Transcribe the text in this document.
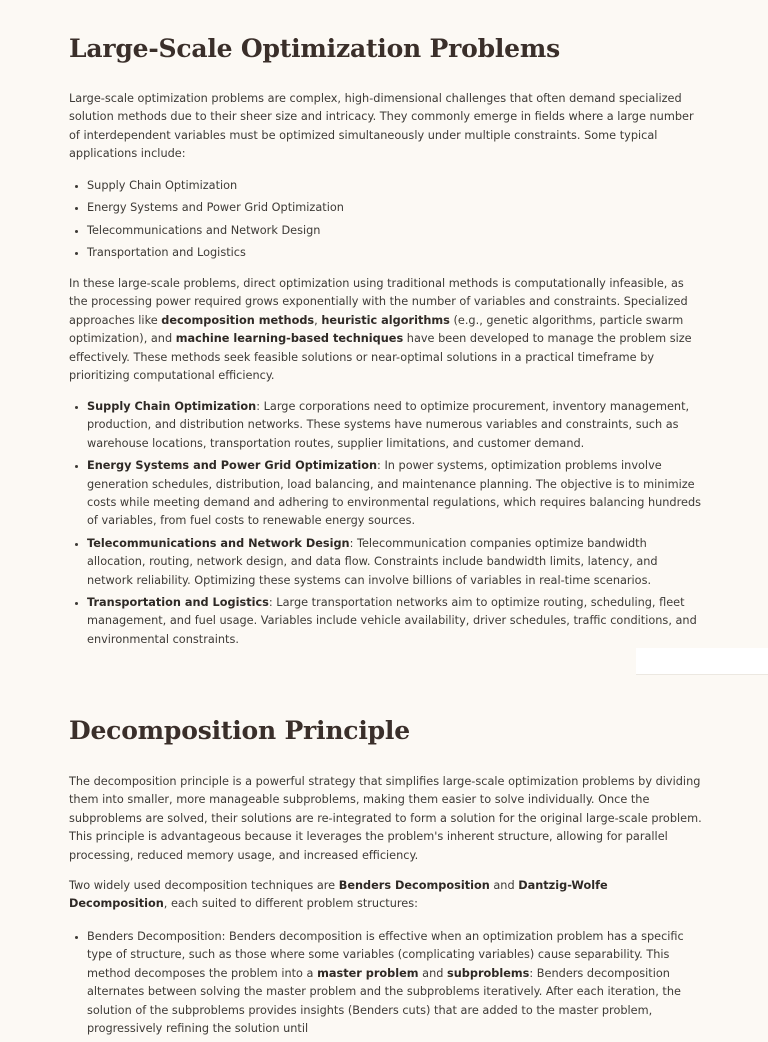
Large-Scale Optimization Problems

Large-scale optimization problems are complex, high-dimensional challenges that often demand specialized solution methods due to their sheer size and intricacy. They commonly emerge in fields where a large number of interdependent variables must be optimized simultaneously under multiple constraints. Some typical applications include:

• Supply Chain Optimization
• Energy Systems and Power Grid Optimization
• Telecommunications and Network Design
• Transportation and Logistics

In these large-scale problems, direct optimization using traditional methods is computationally infeasible, as the processing power required grows exponentially with the number of variables and constraints. Specialized approaches like decomposition methods, heuristic algorithms (e.g., genetic algorithms, particle swarm optimization), and machine learning-based techniques have been developed to manage the problem size effectively. These methods seek feasible solutions or near-optimal solutions in a practical timeframe by prioritizing computational efficiency.

• Supply Chain Optimization: Large corporations need to optimize procurement, inventory management, production, and distribution networks. These systems have numerous variables and constraints, such as warehouse locations, transportation routes, supplier limitations, and customer demand.
• Energy Systems and Power Grid Optimization: In power systems, optimization problems involve generation schedules, distribution, load balancing, and maintenance planning. The objective is to minimize costs while meeting demand and adhering to environmental regulations, which requires balancing hundreds of variables, from fuel costs to renewable energy sources.
• Telecommunications and Network Design: Telecommunication companies optimize bandwidth allocation, routing, network design, and data flow. Constraints include bandwidth limits, latency, and network reliability. Optimizing these systems can involve billions of variables in real-time scenarios.
• Transportation and Logistics: Large transportation networks aim to optimize routing, scheduling, fleet management, and fuel usage. Variables include vehicle availability, driver schedules, traffic conditions, and environmental constraints.
Decomposition Principle

The decomposition principle is a powerful strategy that simplifies large-scale optimization problems by dividing them into smaller, more manageable subproblems, making them easier to solve individually. Once the subproblems are solved, their solutions are re-integrated to form a solution for the original large-scale problem. This principle is advantageous because it leverages the problem's inherent structure, allowing for parallel processing, reduced memory usage, and increased efficiency.

Two widely used decomposition techniques are Benders Decomposition and Dantzig-Wolfe Decomposition, each suited to different problem structures:

• Benders Decomposition: Benders decomposition is effective when an optimization problem has a specific type of structure, such as those where some variables (complicating variables) cause separability. This method decomposes the problem into a master problem and subproblems: Benders decomposition alternates between solving the master problem and the subproblems iteratively. After each iteration, the solution of the subproblems provides insights (Benders cuts) that are added to the master problem, progressively refining the solution until
